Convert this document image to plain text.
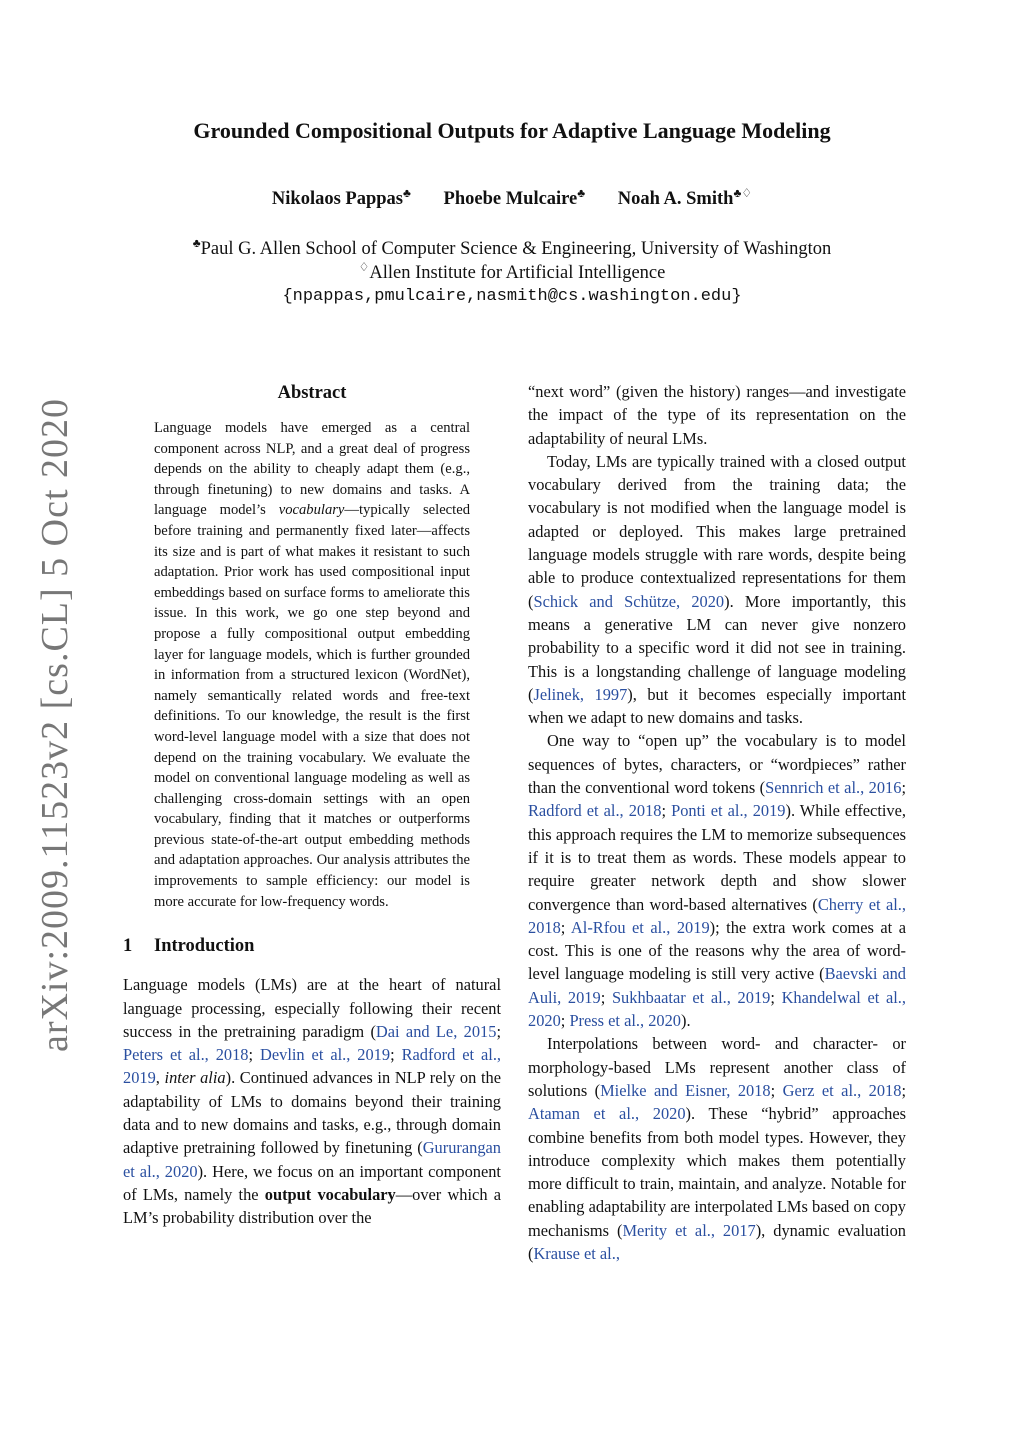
arXiv:2009.11523v2 [cs.CL] 5 Oct 2020
Grounded Compositional Outputs for Adaptive Language Modeling
Nikolaos Pappas♣ Phoebe Mulcaire♣ Noah A. Smith♣♢
♣Paul G. Allen School of Computer Science & Engineering, University of Washington
♢Allen Institute for Artificial Intelligence
{npappas,pmulcaire,nasmith@cs.washington.edu}
Abstract
Language models have emerged as a central component across NLP, and a great deal of progress depends on the ability to cheaply adapt them (e.g., through finetuning) to new domains and tasks. A language model’s vocabulary—typically selected before training and permanently fixed later—affects its size and is part of what makes it resistant to such adaptation. Prior work has used compositional input embeddings based on surface forms to ameliorate this issue. In this work, we go one step beyond and propose a fully compositional output embedding layer for language models, which is further grounded in information from a structured lexicon (WordNet), namely semantically related words and free-text definitions. To our knowledge, the result is the first word-level language model with a size that does not depend on the training vocabulary. We evaluate the model on conventional language modeling as well as challenging cross-domain settings with an open vocabulary, finding that it matches or outperforms previous state-of-the-art output embedding methods and adaptation approaches. Our analysis attributes the improvements to sample efficiency: our model is more accurate for low-frequency words.
1 Introduction

Language models (LMs) are at the heart of natural language processing, especially following their recent success in the pretraining paradigm (Dai and Le, 2015; Peters et al., 2018; Devlin et al., 2019; Radford et al., 2019, inter alia). Continued advances in NLP rely on the adaptability of LMs to domains beyond their training data and to new domains and tasks, e.g., through domain adaptive pretraining followed by finetuning (Gururangan et al., 2020). Here, we focus on an important component of LMs, namely the output vocabulary—over which a LM’s probability distribution over the

“next word” (given the history) ranges—and investigate the impact of the type of its representation on the adaptability of neural LMs.

Today, LMs are typically trained with a closed output vocabulary derived from the training data; the vocabulary is not modified when the language model is adapted or deployed. This makes large pretrained language models struggle with rare words, despite being able to produce contextualized representations for them (Schick and Schütze, 2020). More importantly, this means a generative LM can never give nonzero probability to a specific word it did not see in training. This is a longstanding challenge of language modeling (Jelinek, 1997), but it becomes especially important when we adapt to new domains and tasks.

One way to “open up” the vocabulary is to model sequences of bytes, characters, or “wordpieces” rather than the conventional word tokens (Sennrich et al., 2016; Radford et al., 2018; Ponti et al., 2019). While effective, this approach requires the LM to memorize subsequences if it is to treat them as words. These models appear to require greater network depth and show slower convergence than word-based alternatives (Cherry et al., 2018; Al-Rfou et al., 2019); the extra work comes at a cost. This is one of the reasons why the area of word-level language modeling is still very active (Baevski and Auli, 2019; Sukhbaatar et al., 2019; Khandelwal et al., 2020; Press et al., 2020).

Interpolations between word- and character- or morphology-based LMs represent another class of solutions (Mielke and Eisner, 2018; Gerz et al., 2018; Ataman et al., 2020). These “hybrid” approaches combine benefits from both model types. However, they introduce complexity which makes them potentially more difficult to train, maintain, and analyze. Notable for enabling adaptability are interpolated LMs based on copy mechanisms (Merity et al., 2017), dynamic evaluation (Krause et al.,
